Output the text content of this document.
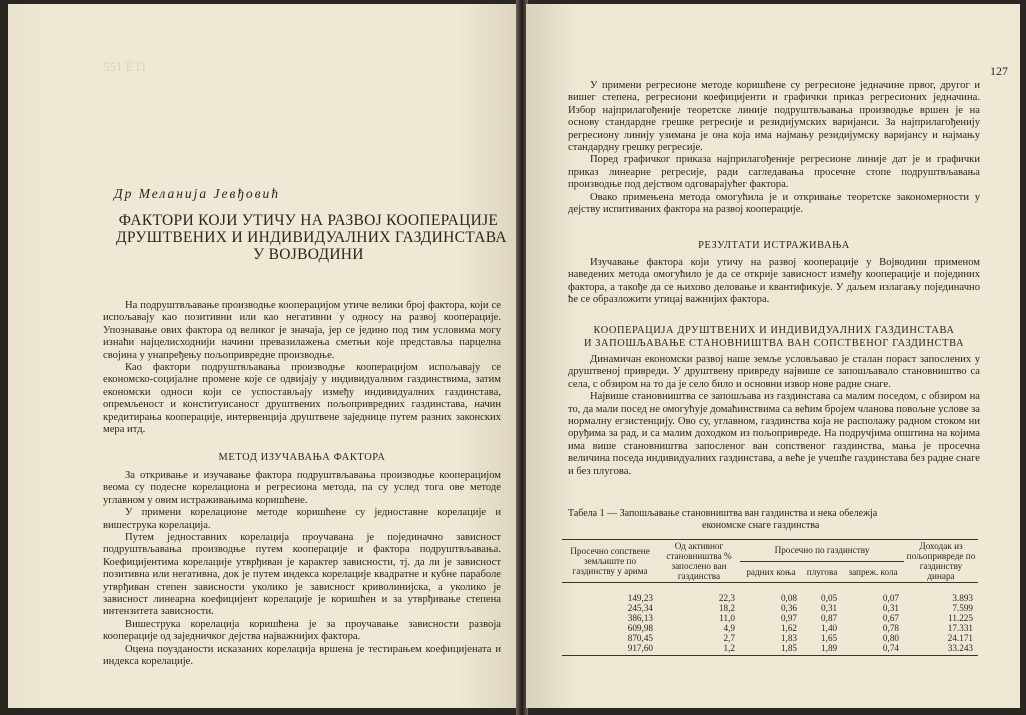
551 ÉTI
Др Меланија Јевђовић
ФАКТОРИ КОЈИ УТИЧУ НА РАЗВОЈ КООПЕРАЦИЈЕ
ДРУШТВЕНИХ И ИНДИВИДУАЛНИХ ГАЗДИНСТАВА
У ВОЈВОДИНИ

На подруштвљавање производње кооперацијом утиче велики број фактора, који се испољавају као позитивни или као негативни у односу на развој кооперације. Упознавање ових фактора од великог је значаја, јер се једино под тим условима могу изнаћи најцелисходнији начини превазилажења сметњи које представља парцелна својина у унапређењу пољопривредне производње.

Као фактори подруштвљавања производње кооперацијом испољавају се економско-социјалне промене које се одвијају у индивидуалним газдинствима, затим економски односи који се успостављају између индивидуалних газдинстава, опремљеност и конституисаност друштвених пољопривредних газдинстава, начин кредитирања кооперације, интервенција друштвене заједнице путем разних законских мера итд.

МЕТОД ИЗУЧАВАЊА ФАКТОРА

За откривање и изучавање фактора подруштвљавања производње кооперацијом веома су подесне корелациона и регресиона метода, па су услед тога ове методе углавном у овим истраживањима коришћене.

У примени корелационе методе коришћене су једноставне корелације и вишеструка корелација.

Путем једноставних корелација проучавана је појединачно зависност подруштвљавања производње путем кооперације и фактора подруштвљавања. Коефицијентима корелације утврђиван је карактер зависности, тј. да ли је зависност позитивна или негативна, док је путем индекса корелације квадратне и кубне параболе утврђиван степен зависности уколико је зависност криволинијска, а уколико је зависност линеарна коефицијент корелације је коришћен и за утврђивање степена интензитета зависности.

Вишеструка корелација коришћена је за проучавање зависности развоја кооперације од заједничког дејства најважнијих фактора.

Оцена поузданости исказаних корелација вршена је тестирањем коефицијената и индекса корелације.

127

У примени регресионе методе коришћене су регресионе једначине првог, другог и вишег степена, регресиони коефицијенти и графички приказ регресионих једначина. Избор најприлагођеније теоретске линије подруштвљавања производње вршен је на основу стандардне грешке регресије и резидијумских варијанси. За најприлагођенију регресиону линију узимана је она која има најмању резидијумску варијансу и најмању стандардну грешку регресије.

Поред графичког приказа најприлагођеније регресионе линије дат је и графички приказ линеарне регресије, ради сагледавања просечне стопе подруштвљавања производње под дејством одговарајућег фактора.

Овако примењена метода омогућила је и откривање теоретске закономерности у дејству испитиваних фактора на развој кооперације.

РЕЗУЛТАТИ ИСТРАЖИВАЊА

Изучавање фактора који утичу на развој кооперације у Војводини применом наведених метода омогућило је да се открије зависност између кооперације и појединих фактора, а такође да се њихово деловање и квантификује. У даљем излагању појединачно ће се образложити утицај важнијих фактора.

КООПЕРАЦИЈА ДРУШТВЕНИХ И ИНДИВИДУАЛНИХ ГАЗДИНСТАВА
И ЗАПОШЉАВАЊЕ СТАНОВНИШТВА ВАН СОПСТВЕНОГ ГАЗДИНСТВА

Динамичан економски развој наше земље условљавао је сталан пораст запослених у друштвеној привреди. У друштвену привреду највише се запошљавало становништво са села, с обзиром на то да је село било и основни извор нове радне снаге.

Највише становништва се запошљава из газдинстава са малим поседом, с обзиром на то, да мали посед не омогућује домаћинствима са већим бројем чланова повољне услове за нормалну егзистенцију. Ово су, углавном, газдинства која не располажу радном стоком ни оруђима за рад, и са малим доходком из пољопривреде. На подручјима општина на којима има више становништва запосленог ван сопственог газдинства, мања је просечна величина поседа индивидуалних газдинстава, а веће је учешће газдинстава без радне снаге и без плугова.

Табела 1 — Запошљавање становништва ван газдинства и нека обележја
економске снаге газдинства
Просечно сопствене земљиште по газдинству у арима	Од активног становништва % запослено ван газдинства	Просечно по газдинству			Доходак из пољопривреде по газдинству динара
		радних коња	плугова	запреж. кола	
149,23	22,3	0,08	0,05	0,07	3.893
245,34	18,2	0,36	0,31	0,31	7.599
386,13	11,0	0,97	0,87	0,67	11.225
609,98	4,9	1,62	1,40	0,78	17.331
870,45	2,7	1,83	1,65	0,80	24.171
917,60	1,2	1,85	1,89	0,74	33.243
